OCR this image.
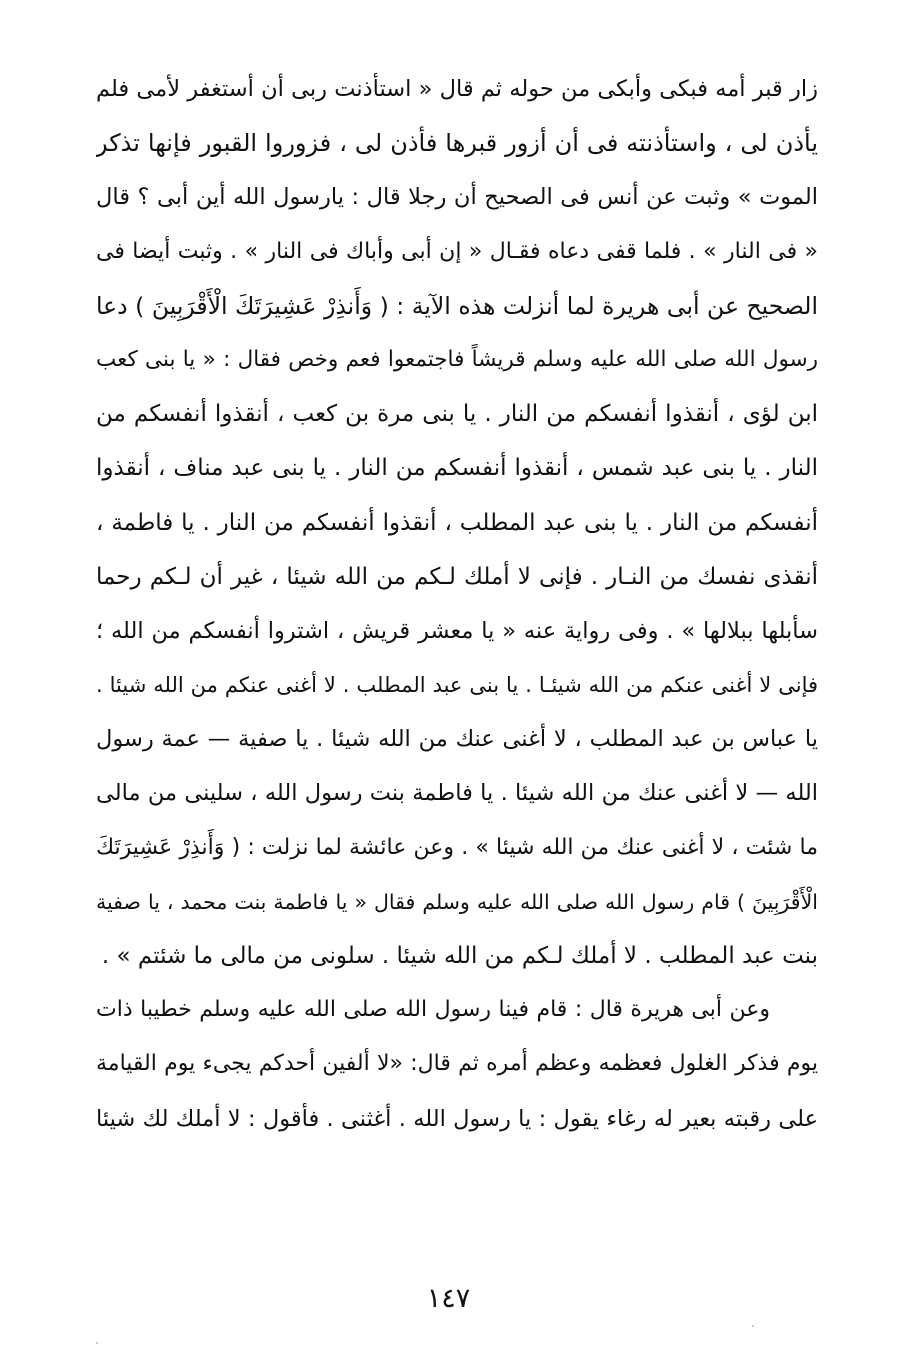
زار قبر أمه فبكى وأبكى من حوله ثم قال « استأذنت ربى أن أستغفر لأمى فلم
يأذن لى ، واستأذنته فى أن أزور قبرها فأذن لى ، فزوروا القبور فإنها تذكر
الموت » وثبت عن أنس فى الصحيح أن رجلا قال : يارسول الله أين أبى ؟ قال
« فى النار » . فلما قفى دعاه فقـال « إن أبى وأباك فى النار » . وثبت أيضا فى
الصحيح عن أبى هريرة لما أنزلت هذه الآية : ( وَأَنذِرْ عَشِيرَتَكَ الْأَقْرَبِينَ ) دعا
رسول الله صلى الله عليه وسلم قريشاً فاجتمعوا فعم وخص فقال : « يا بنى كعب
ابن لؤى ، أنقذوا أنفسكم من النار . يا بنى مرة بن كعب ، أنقذوا أنفسكم من
النار . يا بنى عبد شمس ، أنقذوا أنفسكم من النار . يا بنى عبد مناف ، أنقذوا
أنفسكم من النار . يا بنى عبد المطلب ، أنقذوا أنفسكم من النار . يا فاطمة ،
أنقذى نفسك من النـار . فإنى لا أملك لـكم من الله شيئا ، غير أن لـكم رحما
سأبلها ببلالها » . وفى رواية عنه « يا معشر قريش ، اشتروا أنفسكم من الله ؛
فإنى لا أغنى عنكم من الله شيئـا . يا بنى عبد المطلب . لا أغنى عنكم من الله شيئا .
يا عباس بن عبد المطلب ، لا أغنى عنك من الله شيئا . يا صفية — عمة رسول
الله — لا أغنى عنك من الله شيئا . يا فاطمة بنت رسول الله ، سلينى من مالى
ما شئت ، لا أغنى عنك من الله شيئا » . وعن عائشة لما نزلت : ( وَأَنذِرْ عَشِيرَتَكَ
الْأَقْرَبِينَ ) قام رسول الله صلى الله عليه وسلم فقال « يا فاطمة بنت محمد ، يا صفية
بنت عبد المطلب . لا أملك لـكم من الله شيئا . سلونى من مالى ما شئتم » .
وعن أبى هريرة قال : قام فينا رسول الله صلى الله عليه وسلم خطيبا ذات
يوم فذكر الغلول فعظمه وعظم أمره ثم قال: «لا ألفين أحدكم يجىء يوم القيامة
على رقبته بعير له رغاء يقول : يا رسول الله . أغثنى . فأقول : لا أملك لك شيئا
١٤٧
